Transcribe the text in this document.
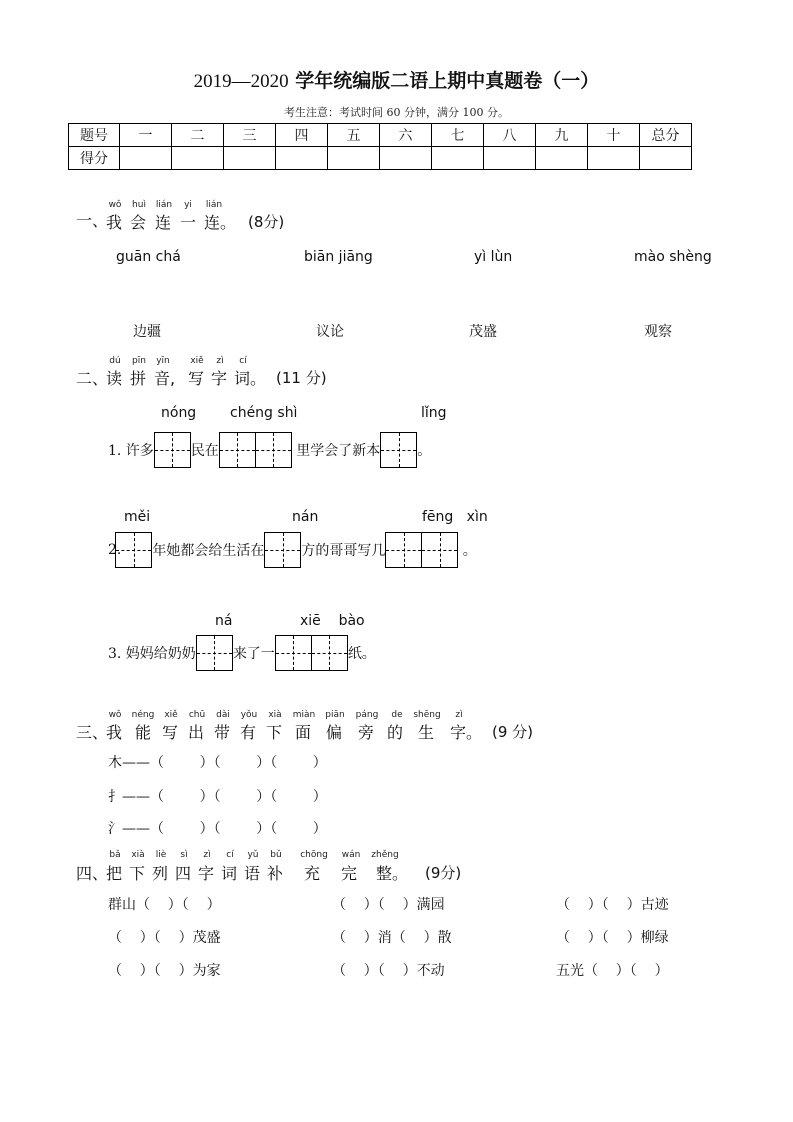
2019—2020 学年统编版二语上期中真题卷（一）
考生注意：考试时间 60 分钟，满分 100 分。
题号	一	二	三	四	五	六	七	八	九	十	总分
得分											
一、
wǒ
我
huì
会
lián
连
yi
一
lián
连。 (8分)
guān chá	biān jiāng	yì lùn	mào shèng
边疆	议论	茂盛	观察
二、
dú
读
pīn
拼
yīn
音,
xiě
写
zì
字
cí
词。 (11 分)
nóng chéng shì	lǐng
1. 许多	民在	里学会了新本	。
měi	nán	fēng   xìn
2. 年她都会给生活在	方的哥哥写几	。
ná	xiē    bào
3. 妈妈给奶奶	来了一	纸。
三、
wǒ
我
néng
能
xiě
写
chū
出
dài
带
yǒu
有
xià
下
miàn
面
piān
偏
páng
旁
de
的
shēng
生
zì
字。 (9 分)
木——（        ）（        ）（        ）
扌——（        ）（        ）（        ）
氵——（        ）（        ）（        ）
四、
bǎ
把
xià
下
liè
列
sì
四
zì
字
cí
词
yǔ
语
bǔ
补
chōng
充
wán
完
zhěng
整。 (9分)
群山（    ）（    ）	（    ）（    ）满园	（    ）（    ）古迹
（    ）（    ）茂盛	（    ）消（    ）散	（    ）（    ）柳绿
（    ）（    ）为家	（    ）（    ）不动	五光（    ）（    ）
